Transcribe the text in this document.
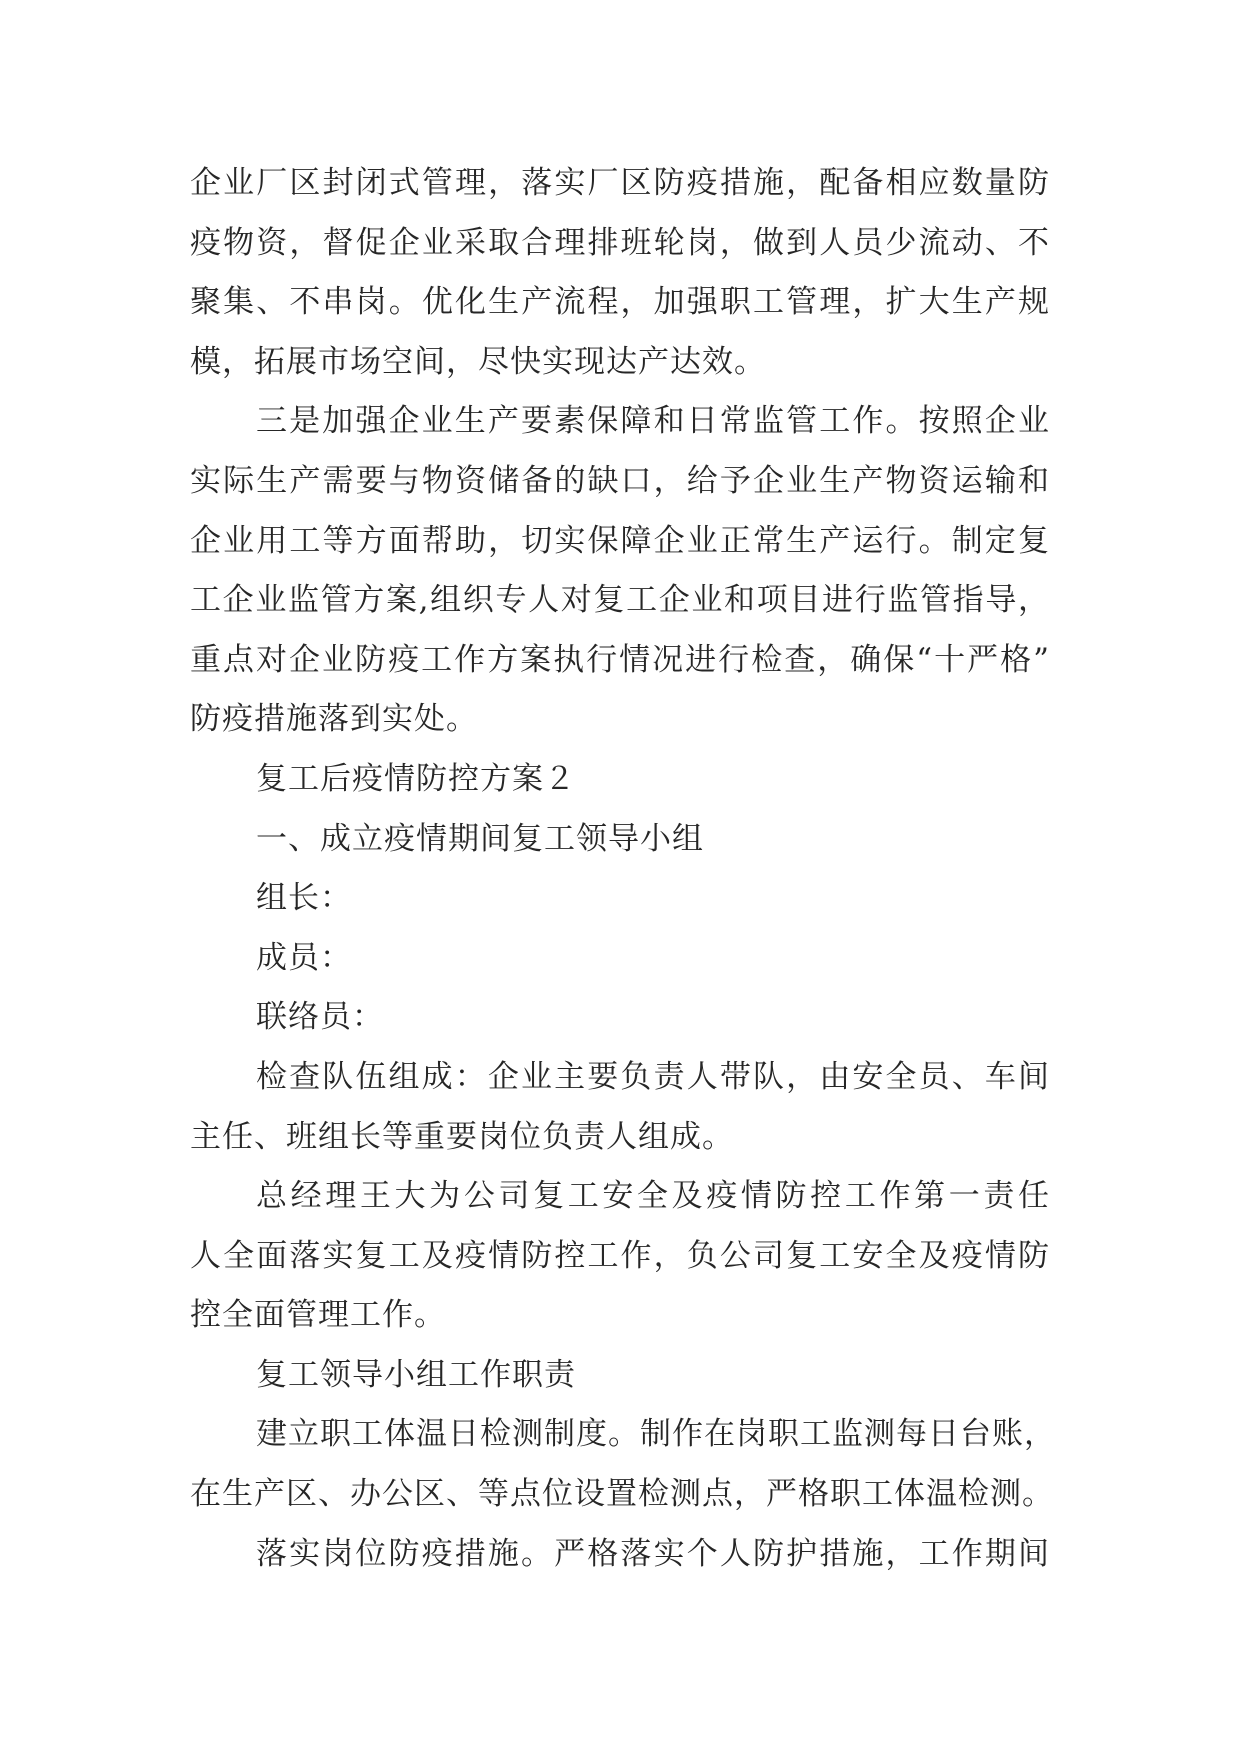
企业厂区封闭式管理，落实厂区防疫措施，配备相应数量防
疫物资，督促企业采取合理排班轮岗，做到人员少流动、不
聚集、不串岗。优化生产流程，加强职工管理，扩大生产规
模，拓展市场空间，尽快实现达产达效。
三是加强企业生产要素保障和日常监管工作。按照企业
实际生产需要与物资储备的缺口，给予企业生产物资运输和
企业用工等方面帮助，切实保障企业正常生产运行。制定复
工企业监管方案,组织专人对复工企业和项目进行监管指导，
重点对企业防疫工作方案执行情况进行检查，确保“十严格”
防疫措施落到实处。
复工后疫情防控方案２
一、成立疫情期间复工领导小组
组长：
成员：
联络员：
检查队伍组成：企业主要负责人带队，由安全员、车间
主任、班组长等重要岗位负责人组成。
总经理王大为公司复工安全及疫情防控工作第一责任
人全面落实复工及疫情防控工作，负公司复工安全及疫情防
控全面管理工作。
复工领导小组工作职责
建立职工体温日检测制度。制作在岗职工监测每日台账，
在生产区、办公区、等点位设置检测点，严格职工体温检测。
落实岗位防疫措施。严格落实个人防护措施，工作期间
